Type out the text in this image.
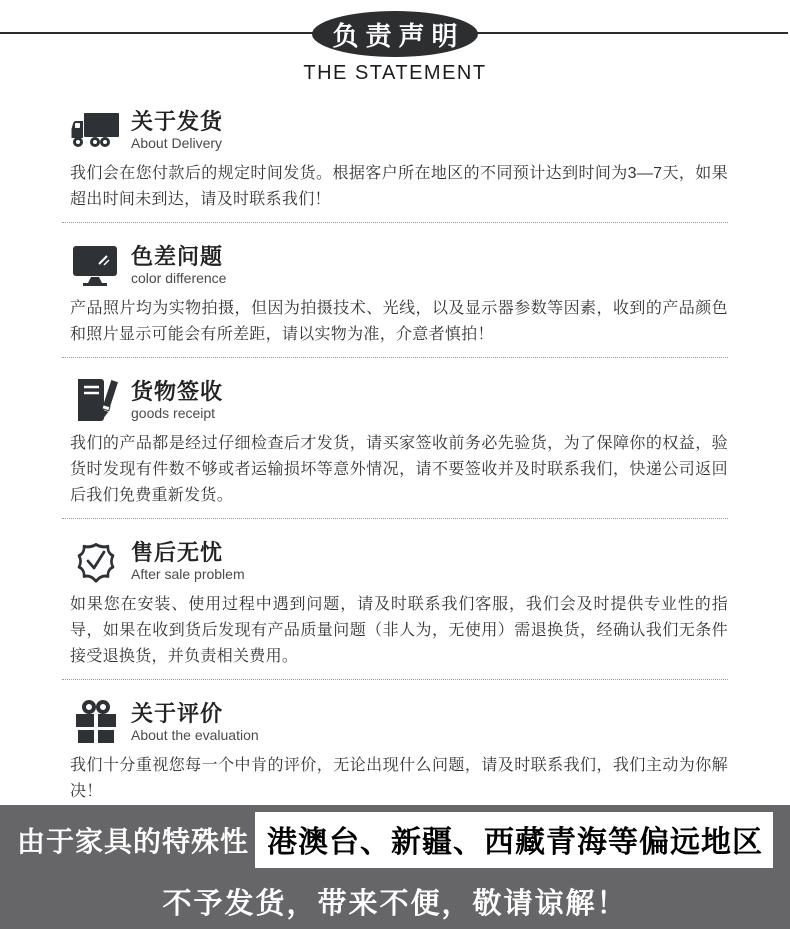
负责声明
THE STATEMENT
关于发货
About Delivery

我们会在您付款后的规定时间发货。根据客户所在地区的不同预计达到时间为3—7天，如果超出时间未到达，请及时联系我们！

色差问题
color difference

产品照片均为实物拍摄，但因为拍摄技术、光线，以及显示器参数等因素，收到的产品颜色和照片显示可能会有所差距，请以实物为准，介意者慎拍！

货物签收
goods receipt

我们的产品都是经过仔细检查后才发货，请买家签收前务必先验货，为了保障你的权益，验货时发现有件数不够或者运输损坏等意外情况，请不要签收并及时联系我们，快递公司返回后我们免费重新发货。

售后无忧
After sale problem

如果您在安装、使用过程中遇到问题，请及时联系我们客服，我们会及时提供专业性的指导，如果在收到货后发现有产品质量问题（非人为，无使用）需退换货，经确认我们无条件接受退换货，并负责相关费用。

关于评价
About the evaluation

我们十分重视您每一个中肯的评价，无论出现什么问题，请及时联系我们，我们主动为你解决！

由于家具的特殊性 港澳台、新疆、西藏青海等偏远地区
不予发货，带来不便，敬请谅解！
